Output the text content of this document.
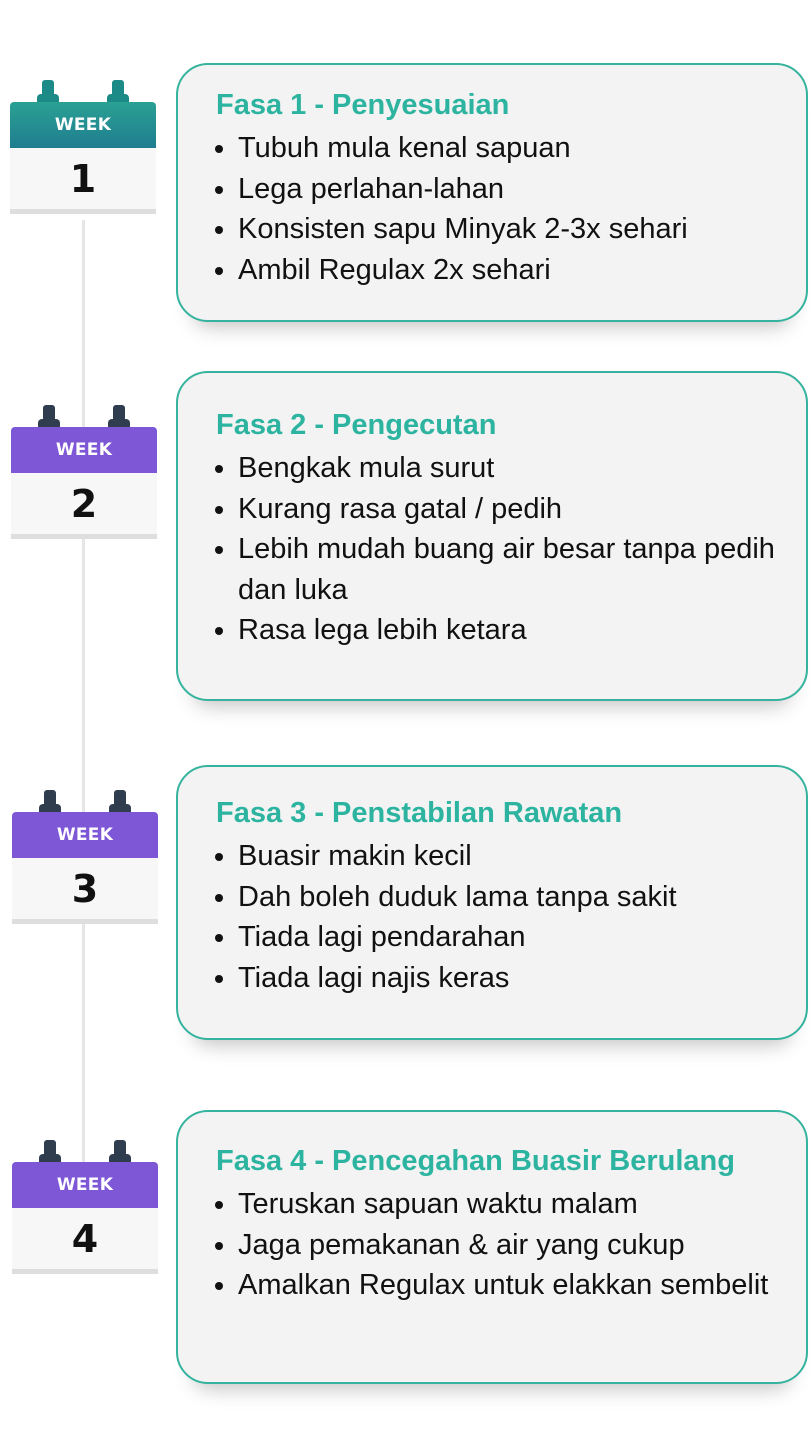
WEEK
1
Fasa 1 - Penyesuaian
• Tubuh mula kenal sapuan
• Lega perlahan-lahan
• Konsisten sapu Minyak 2-3x sehari
• Ambil Regulax 2x sehari
WEEK
2
Fasa 2 - Pengecutan
• Bengkak mula surut
• Kurang rasa gatal / pedih
• Lebih mudah buang air besar tanpa pedih dan luka
• Rasa lega lebih ketara
WEEK
3
Fasa 3 - Penstabilan Rawatan
• Buasir makin kecil
• Dah boleh duduk lama tanpa sakit
• Tiada lagi pendarahan
• Tiada lagi najis keras
WEEK
4
Fasa 4 - Pencegahan Buasir Berulang
• Teruskan sapuan waktu malam
• Jaga pemakanan & air yang cukup
• Amalkan Regulax untuk elakkan sembelit
